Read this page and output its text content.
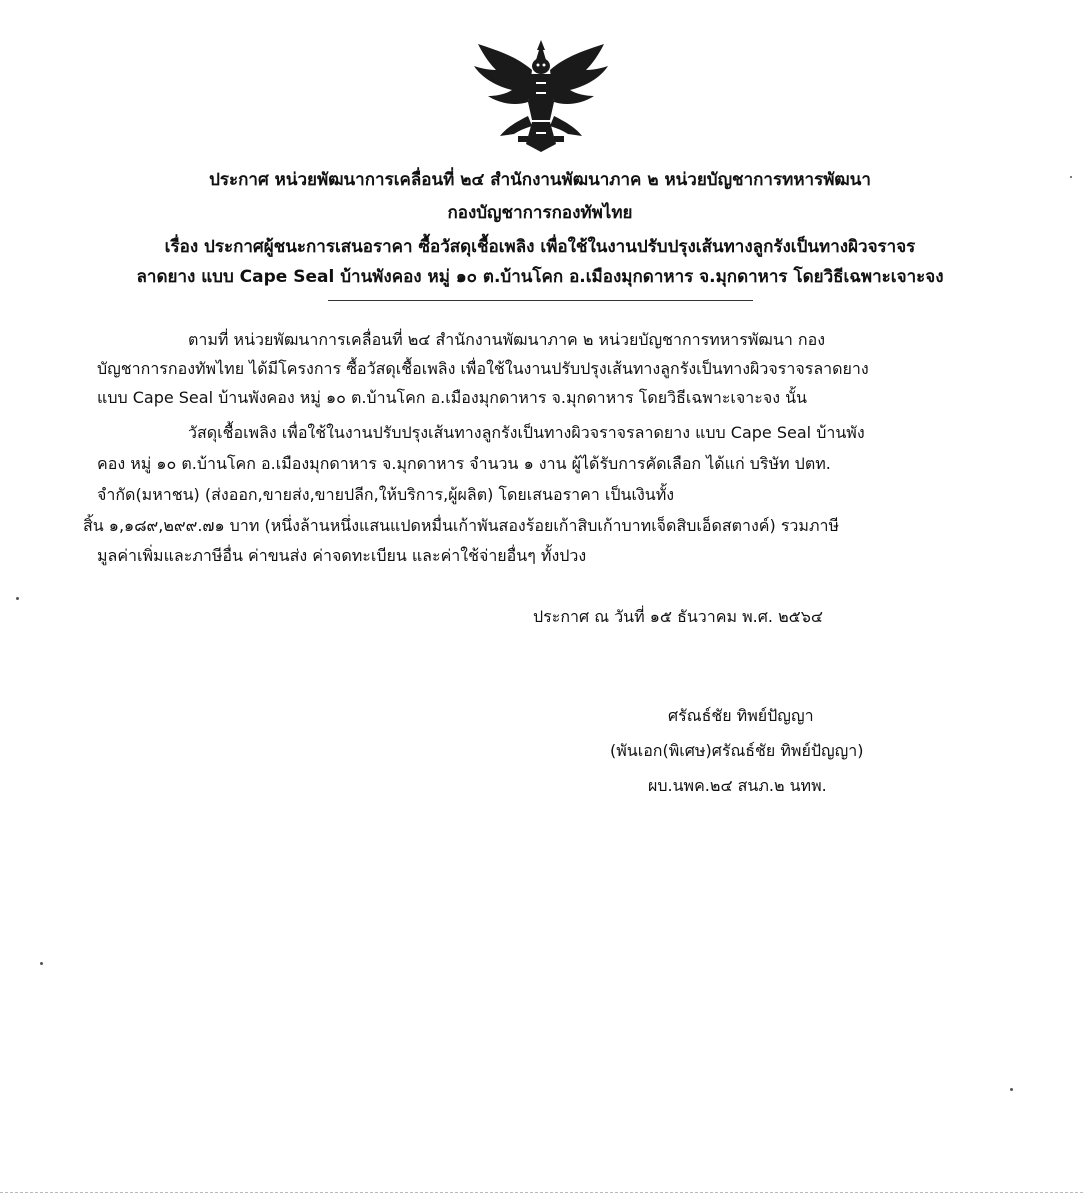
ประกาศ หน่วยพัฒนาการเคลื่อนที่ ๒๔ สำนักงานพัฒนาภาค ๒ หน่วยบัญชาการทหารพัฒนา
กองบัญชาการกองทัพไทย
เรื่อง ประกาศผู้ชนะการเสนอราคา ซื้อวัสดุเชื้อเพลิง เพื่อใช้ในงานปรับปรุงเส้นทางลูกรังเป็นทางผิวจราจร
ลาดยาง แบบ Cape Seal บ้านพังคอง หมู่ ๑๐ ต.บ้านโคก อ.เมืองมุกดาหาร จ.มุกดาหาร โดยวิธีเฉพาะเจาะจง
ตามที่ หน่วยพัฒนาการเคลื่อนที่ ๒๔ สำนักงานพัฒนาภาค ๒ หน่วยบัญชาการทหารพัฒนา กอง
บัญชาการกองทัพไทย ได้มีโครงการ ซื้อวัสดุเชื้อเพลิง เพื่อใช้ในงานปรับปรุงเส้นทางลูกรังเป็นทางผิวจราจรลาดยาง
แบบ Cape Seal บ้านพังคอง หมู่ ๑๐ ต.บ้านโคก อ.เมืองมุกดาหาร จ.มุกดาหาร โดยวิธีเฉพาะเจาะจง นั้น
วัสดุเชื้อเพลิง เพื่อใช้ในงานปรับปรุงเส้นทางลูกรังเป็นทางผิวจราจรลาดยาง แบบ Cape Seal บ้านพัง
คอง หมู่ ๑๐ ต.บ้านโคก อ.เมืองมุกดาหาร จ.มุกดาหาร จำนวน ๑ งาน ผู้ได้รับการคัดเลือก ได้แก่ บริษัท ปตท.
จำกัด(มหาชน) (ส่งออก,ขายส่ง,ขายปลีก,ให้บริการ,ผู้ผลิต) โดยเสนอราคา เป็นเงินทั้ง
สิ้น ๑,๑๘๙,๒๙๙.๗๑ บาท (หนึ่งล้านหนึ่งแสนแปดหมื่นเก้าพันสองร้อยเก้าสิบเก้าบาทเจ็ดสิบเอ็ดสตางค์) รวมภาษี
มูลค่าเพิ่มและภาษีอื่น ค่าขนส่ง ค่าจดทะเบียน และค่าใช้จ่ายอื่นๆ ทั้งปวง
ประกาศ ณ วันที่ ๑๕ ธันวาคม พ.ศ. ๒๕๖๔
ศรัณธ์ชัย ทิพย์ปัญญา
(พันเอก(พิเศษ)ศรัณธ์ชัย ทิพย์ปัญญา)
ผบ.นพค.๒๔ สนภ.๒ นทพ.
